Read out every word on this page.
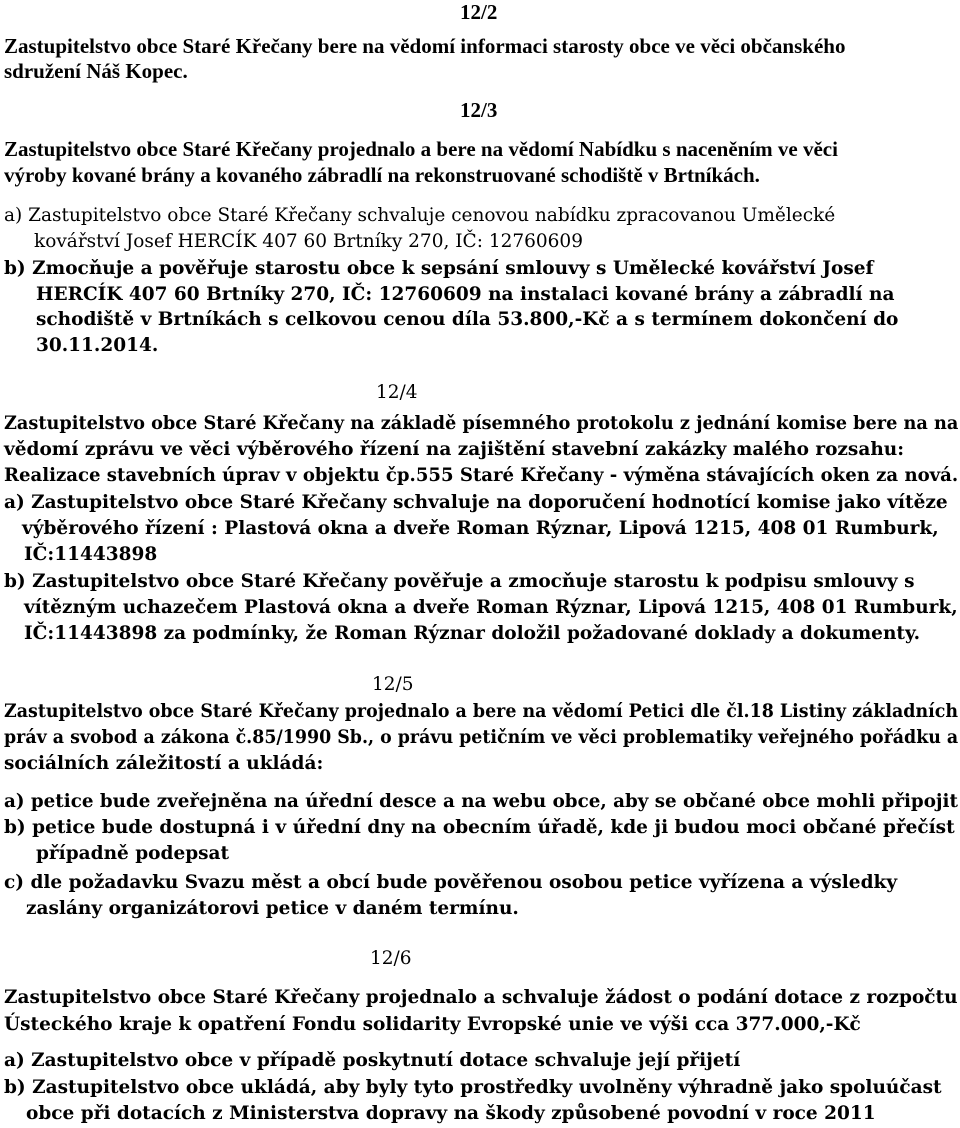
12/2
Zastupitelstvo obce Staré Křečany bere na vědomí informaci starosty obce ve věci občanského
sdružení Náš Kopec.
12/3
Zastupitelstvo obce Staré Křečany projednalo a bere na vědomí Nabídku s naceněním ve věci
výroby kované brány a kovaného zábradlí na rekonstruované schodiště v Brtníkách.
a) Zastupitelstvo obce Staré Křečany schvaluje cenovou nabídku zpracovanou Umělecké
kovářství Josef HERCÍK 407 60 Brtníky 270, IČ: 12760609
b) Zmocňuje a pověřuje starostu obce k sepsání smlouvy s Umělecké kovářství Josef
HERCÍK 407 60 Brtníky 270, IČ: 12760609 na instalaci kované brány a zábradlí na
schodiště v Brtníkách s celkovou cenou díla 53.800,-Kč a s termínem dokončení do
30.11.2014.
12/4
Zastupitelstvo obce Staré Křečany na základě písemného protokolu z jednání komise bere na na
vědomí zprávu ve věci výběrového řízení na zajištění stavební zakázky malého rozsahu:
Realizace stavebních úprav v objektu čp.555 Staré Křečany - výměna stávajících oken za nová.
a) Zastupitelstvo obce Staré Křečany schvaluje na doporučení hodnotící komise jako vítěze
výběrového řízení : Plastová okna a dveře Roman Rýznar, Lipová 1215, 408 01 Rumburk,
IČ:11443898
b) Zastupitelstvo obce Staré Křečany pověřuje a zmocňuje starostu k podpisu smlouvy s
vítězným uchazečem Plastová okna a dveře Roman Rýznar, Lipová 1215, 408 01 Rumburk,
IČ:11443898 za podmínky, že Roman Rýznar doložil požadované doklady a dokumenty.
12/5
Zastupitelstvo obce Staré Křečany projednalo a bere na vědomí Petici dle čl.18 Listiny základních
práv a svobod a zákona č.85/1990 Sb., o právu petičním ve věci problematiky veřejného pořádku a
sociálních záležitostí a ukládá:
a) petice bude zveřejněna na úřední desce a na webu obce, aby se občané obce mohli připojit
b) petice bude dostupná i v úřední dny na obecním úřadě, kde ji budou moci občané přečíst
případně podepsat
c) dle požadavku Svazu měst a obcí bude pověřenou osobou petice vyřízena a výsledky
zaslány organizátorovi petice v daném termínu.
12/6
Zastupitelstvo obce Staré Křečany projednalo a schvaluje žádost o podání dotace z rozpočtu
Ústeckého kraje k opatření Fondu solidarity Evropské unie ve výši cca 377.000,-Kč
a) Zastupitelstvo obce v případě poskytnutí dotace schvaluje její přijetí
b) Zastupitelstvo obce ukládá, aby byly tyto prostředky uvolněny výhradně jako spoluúčast
obce při dotacích z Ministerstva dopravy na škody způsobené povodní v roce 2011
